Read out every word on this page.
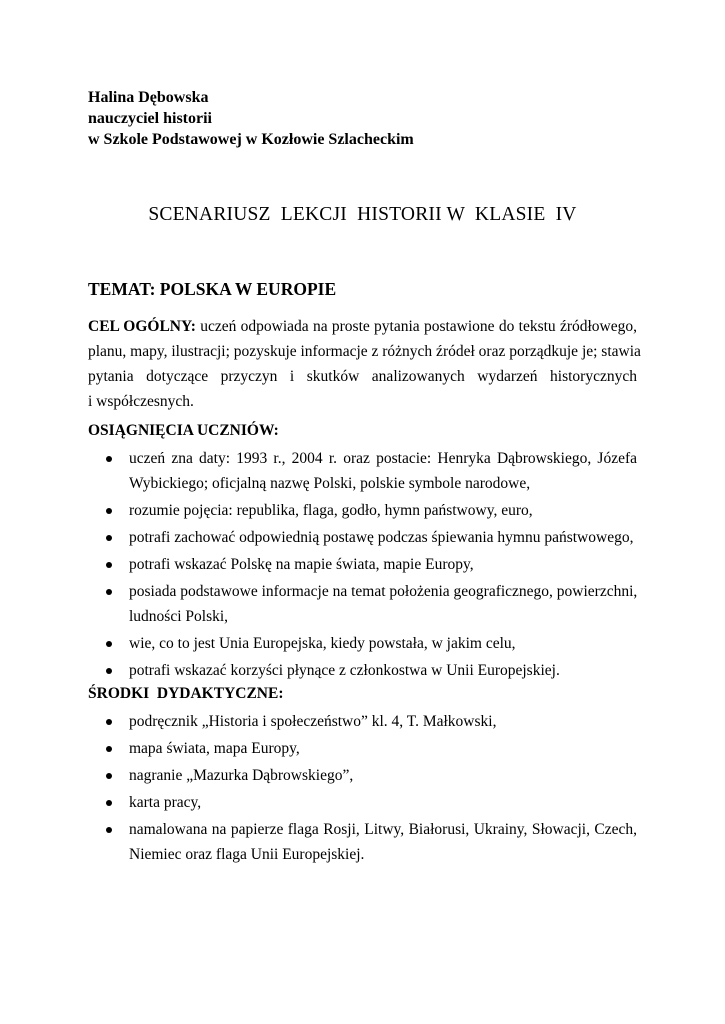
Halina Dębowska
nauczyciel historii
w Szkole Podstawowej w Kozłowie Szlacheckim
SCENARIUSZ  LEKCJI  HISTORII W  KLASIE  IV
TEMAT: POLSKA W EUROPIE
CEL OGÓLNY: uczeń odpowiada na proste pytania postawione do tekstu źródłowego,
planu, mapy, ilustracji; pozyskuje informacje z różnych źródeł oraz porządkuje je; stawia
pytania dotyczące przyczyn i skutków analizowanych wydarzeń historycznych
i współczesnych.
OSIĄGNIĘCIA UCZNIÓW:
uczeń zna daty: 1993 r., 2004 r. oraz postacie: Henryka Dąbrowskiego, Józefa
Wybickiego; oficjalną nazwę Polski, polskie symbole narodowe,
rozumie pojęcia: republika, flaga, godło, hymn państwowy, euro,
potrafi zachować odpowiednią postawę podczas śpiewania hymnu państwowego,
potrafi wskazać Polskę na mapie świata, mapie Europy,
posiada podstawowe informacje na temat położenia geograficznego, powierzchni,
ludności Polski,
wie, co to jest Unia Europejska, kiedy powstała, w jakim celu,
potrafi wskazać korzyści płynące z członkostwa w Unii Europejskiej.
ŚRODKI  DYDAKTYCZNE:
podręcznik „Historia i społeczeństwo” kl. 4, T. Małkowski,
mapa świata, mapa Europy,
nagranie „Mazurka Dąbrowskiego”,
karta pracy,
namalowana na papierze flaga Rosji, Litwy, Białorusi, Ukrainy, Słowacji, Czech,
Niemiec oraz flaga Unii Europejskiej.
